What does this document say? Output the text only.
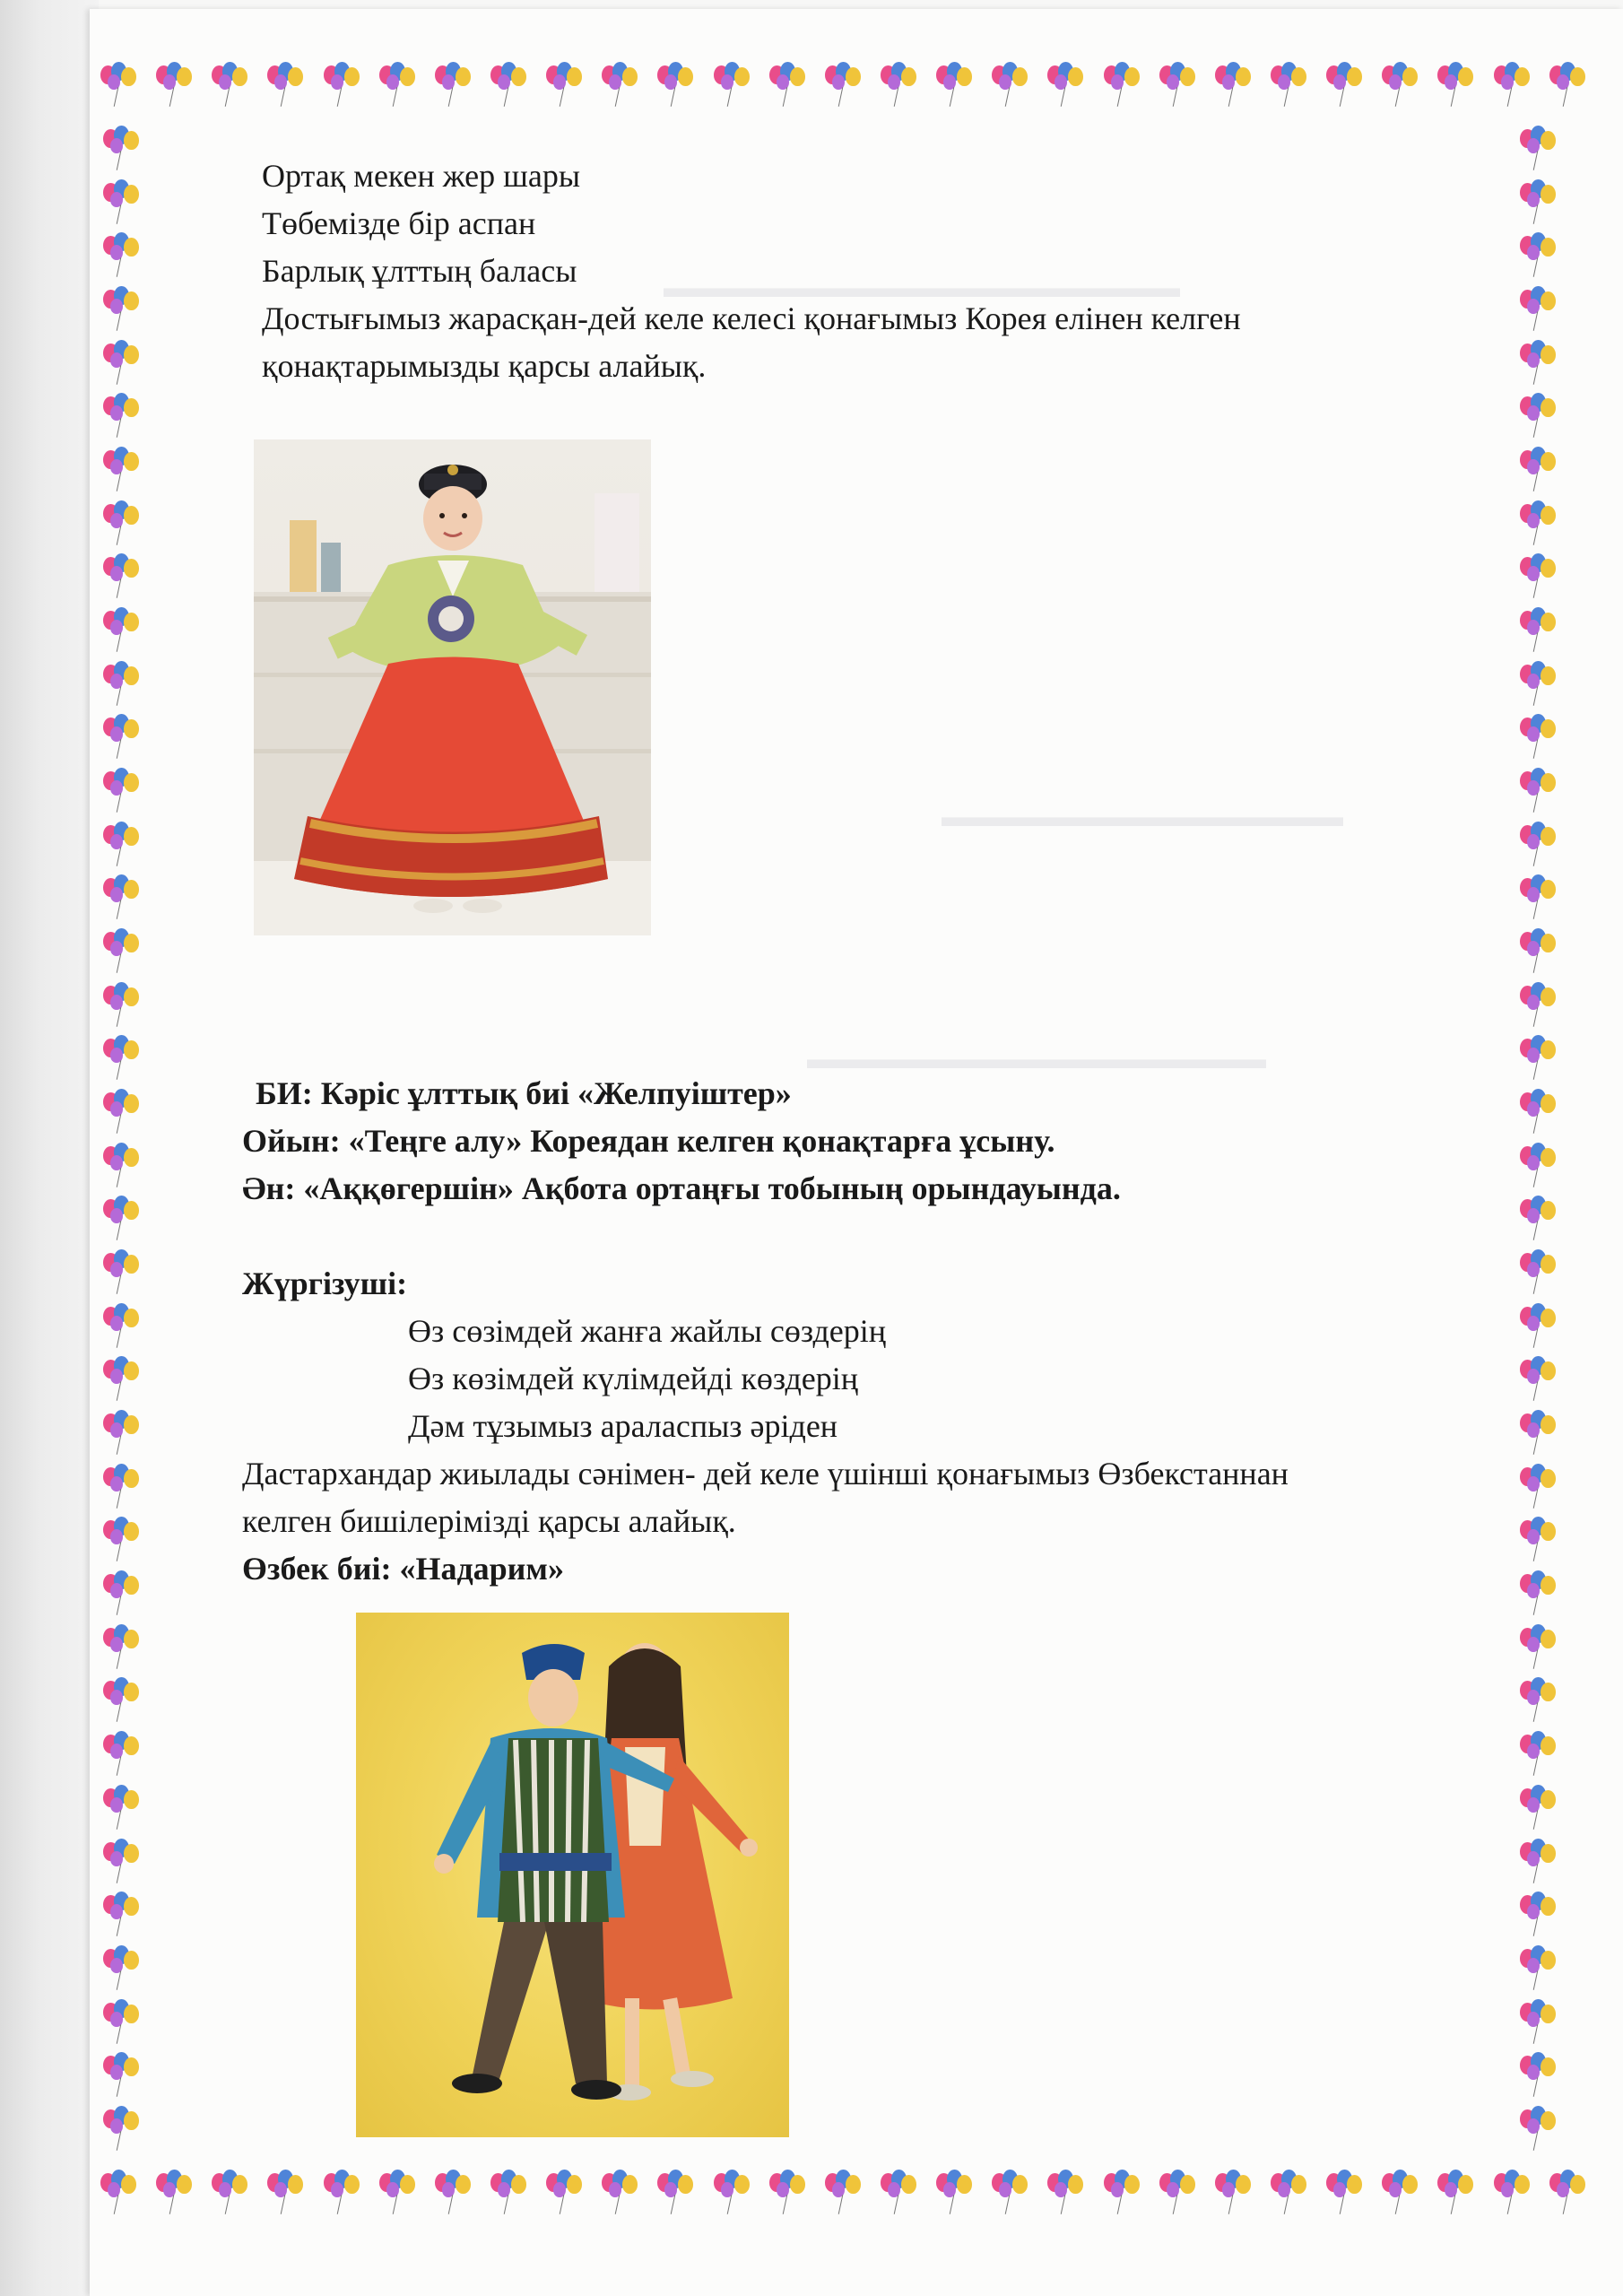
▬▬▬▬▬▬▬▬▬▬▬▬▬▬▬▬▬▬
▬▬▬▬▬▬▬▬▬▬▬▬▬▬
▬▬▬▬▬▬▬▬▬▬▬▬▬▬▬▬
Ортақ мекен жер шары
Төбемізде бір аспан
Барлық ұлттың баласы
Достығымыз жарасқан-дей келе келесі қонағымыз Корея елінен келген
қонақтарымызды қарсы алайық.
БИ: Кәріс ұлттық биі «Желпуіштер»
Ойын: «Теңге алу» Кореядан келген қонақтарға ұсыну.
Ән: «Аққөгершін» Ақбота ортаңғы тобының орындауында.
Жүргізуші:
Өз сөзімдей жанға жайлы сөздерің
Өз көзімдей күлімдейді көздерің
Дәм тұзымыз араласпыз әріден
Дастархандар жиылады сәнімен- дей келе үшінші қонағымыз Өзбекстаннан
келген бишілерімізді қарсы алайық.
Өзбек биі: «Надарим»
